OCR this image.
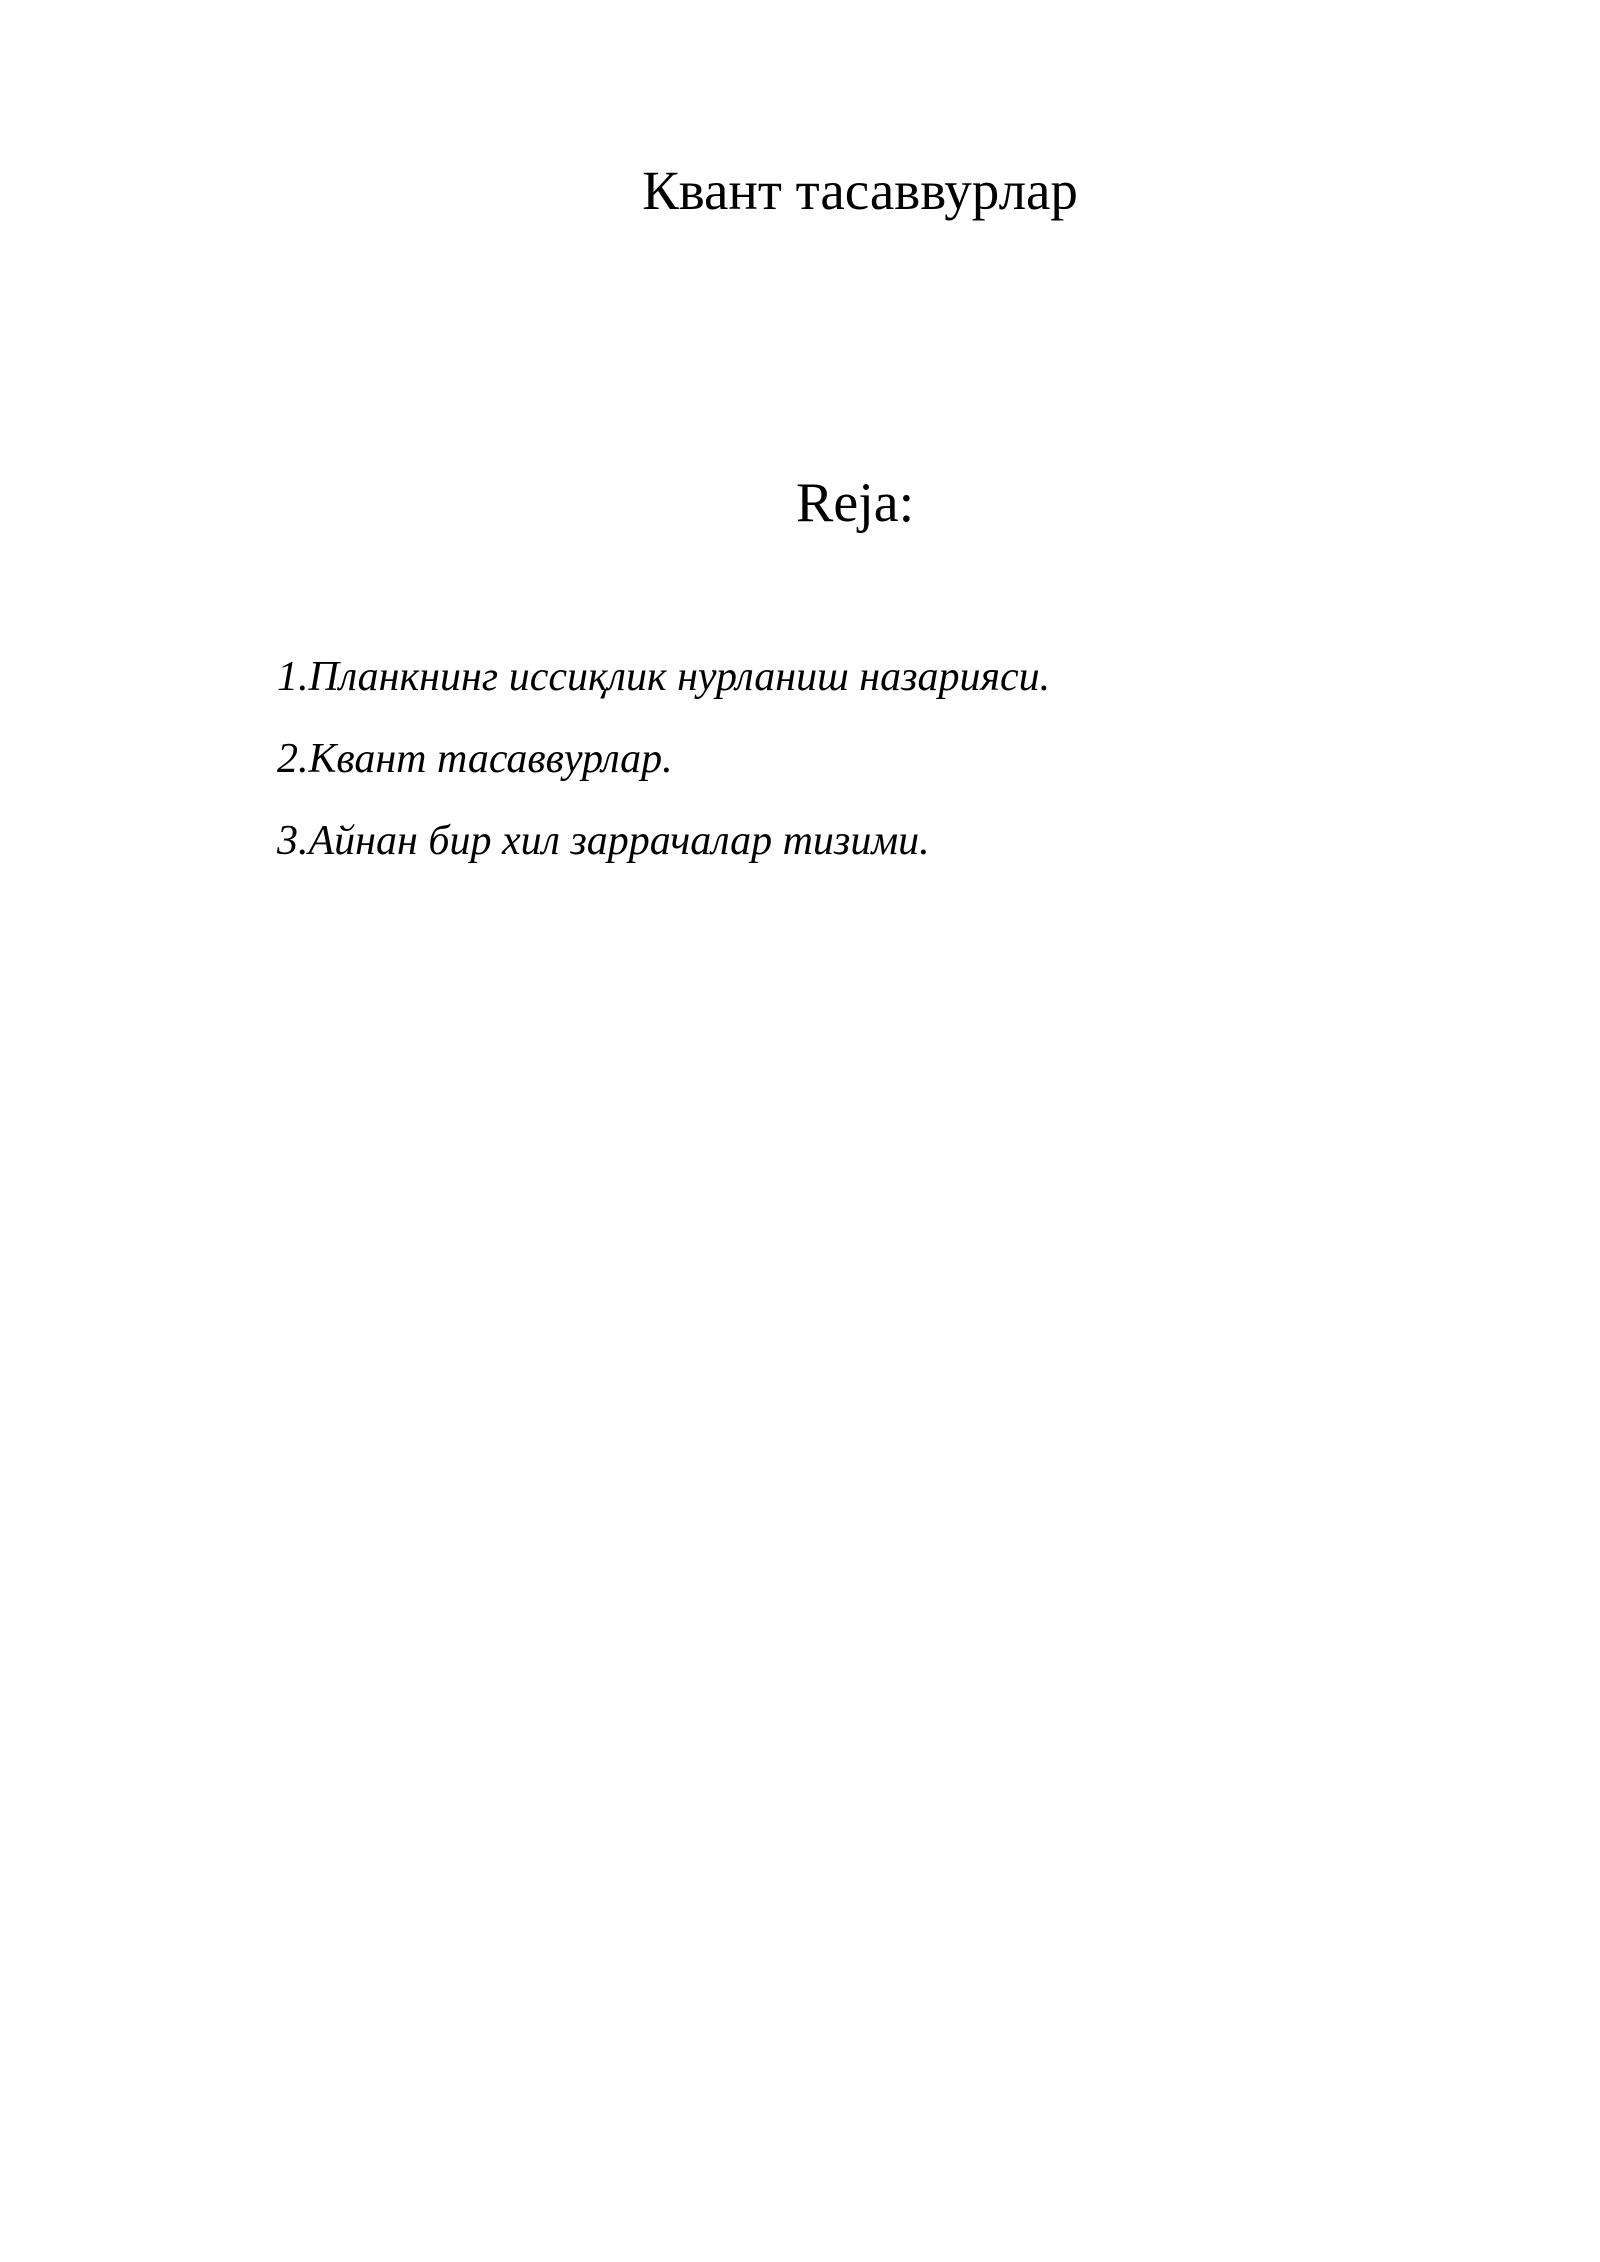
Квант тасаввурлар
Reja:
1.Планкнинг иссиқлик нурланиш назарияси.
2.Квант тасаввурлар.
3.Айнан бир хил заррачалар тизими.
